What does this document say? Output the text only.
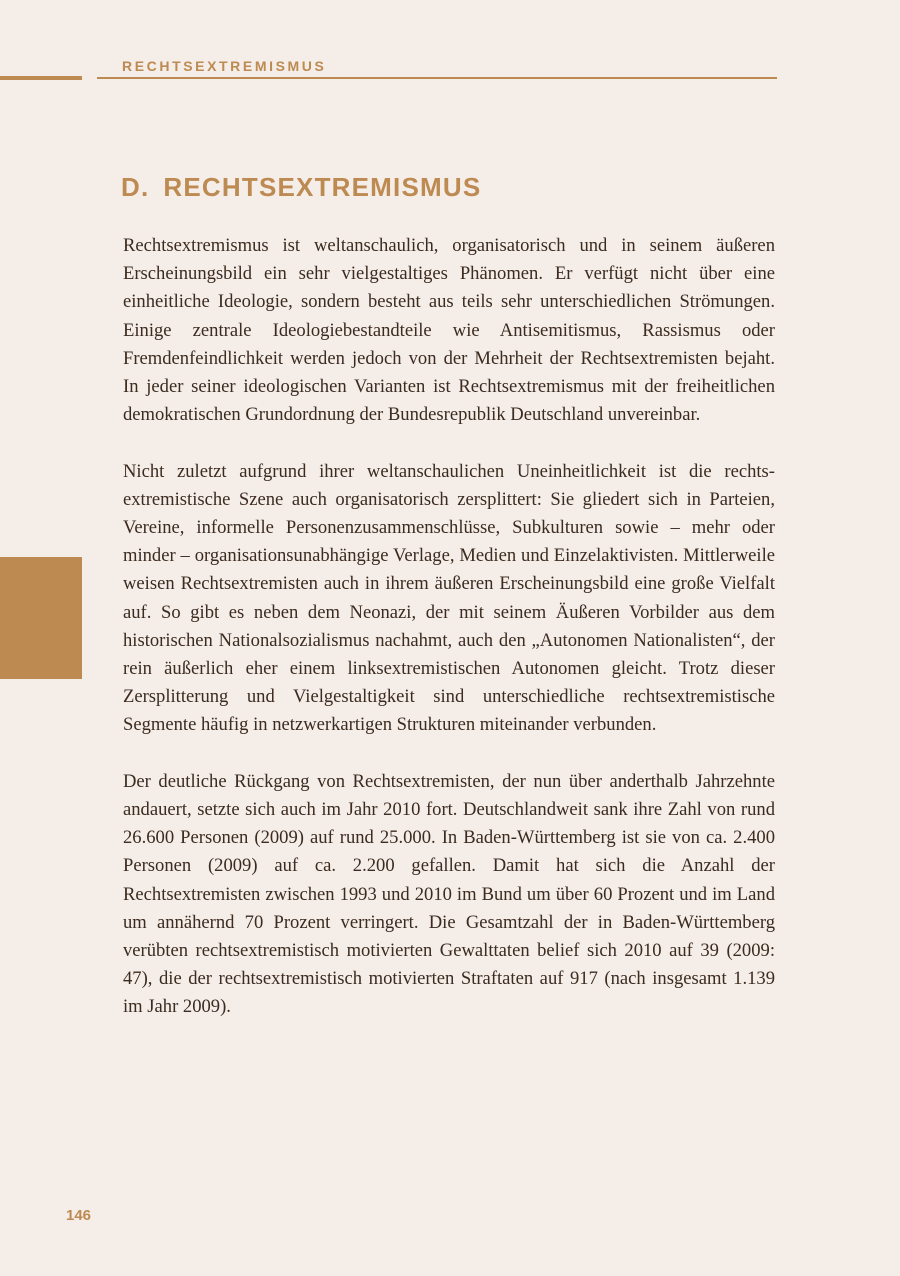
RECHTSEXTREMISMUS
D. RECHTSEXTREMISMUS

Rechtsextremismus ist weltanschaulich, organisatorisch und in seinem äußeren Erscheinungsbild ein sehr vielgestaltiges Phänomen. Er verfügt nicht über eine einheitliche Ideologie, sondern besteht aus teils sehr unterschiedlichen Strömungen. Einige zentrale Ideologiebestandteile wie Antisemitismus, Rassismus oder Fremdenfeindlichkeit werden jedoch von der Mehrheit der Rechtsextremisten bejaht. In jeder seiner ideologischen Varianten ist Rechtsextremismus mit der freiheitlichen demokratischen Grundordnung der Bundesrepublik Deutschland unvereinbar.

Nicht zuletzt aufgrund ihrer weltanschaulichen Uneinheitlichkeit ist die rechtsextremistische Szene auch organisatorisch zersplittert: Sie gliedert sich in Parteien, Vereine, informelle Personenzusammenschlüsse, Subkulturen sowie – mehr oder minder – organisationsunabhängige Verlage, Medien und Einzelaktivisten. Mittlerweile weisen Rechtsextremisten auch in ihrem äußeren Erscheinungsbild eine große Vielfalt auf. So gibt es neben dem Neonazi, der mit seinem Äußeren Vorbilder aus dem historischen Nationalsozialismus nachahmt, auch den „Autonomen Nationalisten“, der rein äußerlich eher einem linksextremistischen Autonomen gleicht. Trotz dieser Zersplitterung und Vielgestaltigkeit sind unterschiedliche rechtsextremistische Segmente häufig in netzwerkartigen Strukturen miteinander verbunden.

Der deutliche Rückgang von Rechtsextremisten, der nun über anderthalb Jahrzehnte andauert, setzte sich auch im Jahr 2010 fort. Deutschlandweit sank ihre Zahl von rund 26.600 Personen (2009) auf rund 25.000. In Baden-Württemberg ist sie von ca. 2.400 Personen (2009) auf ca. 2.200 gefallen. Damit hat sich die Anzahl der Rechtsextremisten zwischen 1993 und 2010 im Bund um über 60 Prozent und im Land um annähernd 70 Prozent verringert. Die Gesamtzahl der in Baden-Württemberg verübten rechtsextremistisch motivierten Gewalttaten belief sich 2010 auf 39 (2009: 47), die der rechtsextremistisch motivierten Straftaten auf 917 (nach insgesamt 1.139 im Jahr 2009).

146
